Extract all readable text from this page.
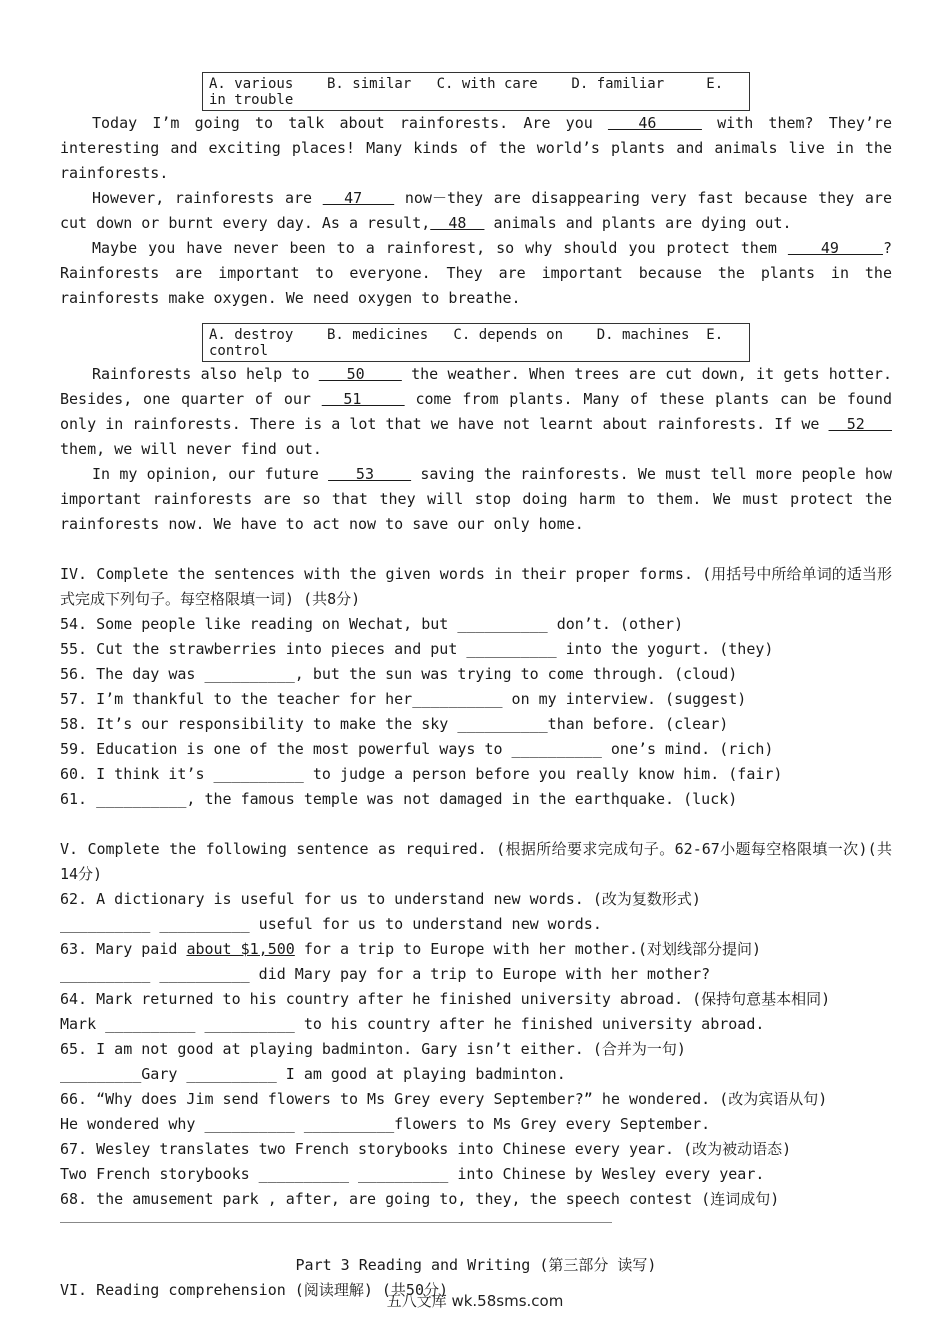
A. various    B. similar   C. with care    D. familiar     E. in trouble

Today I’m going to talk about rainforests. Are you   46    with them? They’re interesting and exciting places! Many kinds of the world’s plants and animals live in the rainforests.

However, rainforests are   47    now－they are disappearing very fast because they are cut down or burnt every day. As a result,  48   animals and plants are dying out.

Maybe you have never been to a rainforest, so why should you protect them    49    ? Rainforests are important to everyone. They are important because the plants in the rainforests make oxygen. We need oxygen to breathe.

A. destroy    B. medicines   C. depends on    D. machines  E. control

Rainforests also help to    50     the weather. When trees are cut down, it gets hotter. Besides, one quarter of our   51     come from plants. Many of these plants can be found only in rainforests. There is a lot that we have not learnt about rainforests. If we   52    them, we will never find out.

In my opinion, our future    53     saving the rainforests. We must tell more people how important rainforests are so that they will stop doing harm to them. We must protect the rainforests now. We have to act now to save our only home.

IV. Complete the sentences with the given words in their proper forms. (用括号中所给单词的适当形式完成下列句子。每空格限填一词) (共8分)

54. Some people like reading on Wechat, but __________ don’t. (other)

55. Cut the strawberries into pieces and put __________ into the yogurt. (they)

56. The day was __________, but the sun was trying to come through. (cloud)

57. I’m thankful to the teacher for her__________ on my interview. (suggest)

58. It’s our responsibility to make the sky __________than before. (clear)

59. Education is one of the most powerful ways to __________ one’s mind. (rich)

60. I think it’s __________ to judge a person before you really know him. (fair)

61. __________, the famous temple was not damaged in the earthquake. (luck)

V. Complete the following sentence as required. (根据所给要求完成句子。62-67小题每空格限填一次)(共14分)

62. A dictionary is useful for us to understand new words. (改为复数形式)

__________ __________ useful for us to understand new words.

63. Mary paid about $1,500 for a trip to Europe with her mother.(对划线部分提问)

__________ __________ did Mary pay for a trip to Europe with her mother?

64. Mark returned to his country after he finished university abroad. (保持句意基本相同)

Mark __________ __________ to his country after he finished university abroad.

65. I am not good at playing badminton. Gary isn’t either. (合并为一句)

_________Gary __________ I am good at playing badminton.

66. “Why does Jim send flowers to Ms Grey every September?” he wondered. (改为宾语从句)

He wondered why __________ __________flowers to Ms Grey every September.

67. Wesley translates two French storybooks into Chinese every year. (改为被动语态)

Two French storybooks __________ __________ into Chinese by Wesley every year.

68. the amusement park , after, are going to, they, the speech contest (连词成句)

Part 3 Reading and Writing (第三部分 读写)

VI. Reading comprehension (阅读理解) (共50分)

五八文库 wk.58sms.com
